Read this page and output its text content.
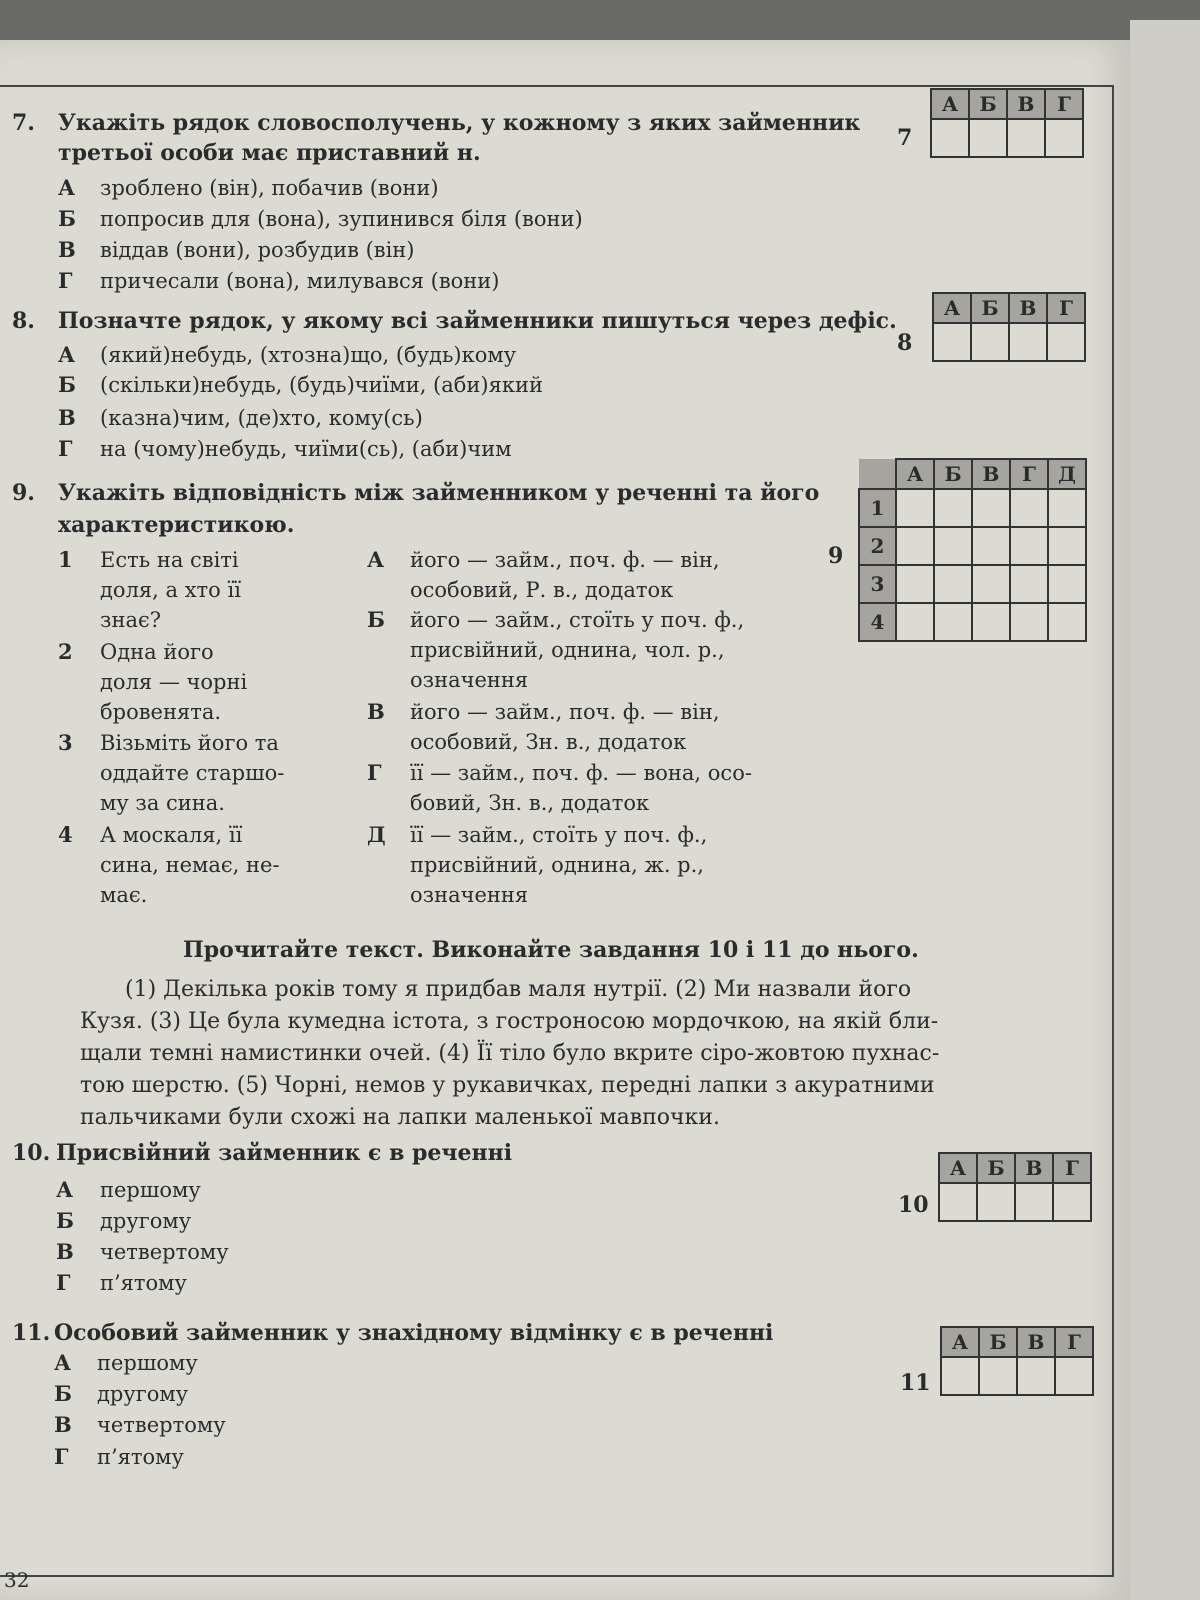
7. Укажіть рядок словосполучень, у кожному з яких займенник
третьої особи має приставний н.
А зроблено (він), побачив (вони)
Б попросив для (вона), зупинився біля (вони)
В віддав (вони), розбудив (він)
Г причесали (вона), милувався (вони)
7
А	Б	В	Г

8. Позначте рядок, у якому всі займенники пишуться через дефіс.
А (який)небудь, (хтозна)що, (будь)кому
Б (скільки)небудь, (будь)чиїми, (аби)який
В (казна)чим, (де)хто, кому(сь)
Г на (чому)небудь, чиїми(сь), (аби)чим
8
А	Б	В	Г

9. Укажіть відповідність між займенником у реченні та його
характеристикою.
1 Есть на світі
доля, а хто її
знає?
2 Одна його
доля — чорні
бровенята.
3 Візьміть його та
оддайте старшо-
му за сина.
4 А москаля, її
сина, немає, не-
має.
А його — займ., поч. ф. — він,
особовий, Р. в., додаток
Б його — займ., стоїть у поч. ф.,
присвійний, однина, чол. р.,
означення
В його — займ., поч. ф. — він,
особовий, Зн. в., додаток
Г її — займ., поч. ф. — вона, осо-
бовий, Зн. в., додаток
Д її — займ., стоїть у поч. ф.,
присвійний, однина, ж. р.,
означення
9
	А	Б	В	Г	Д
1					
2					
3					
4					
Прочитайте текст. Виконайте завдання 10 і 11 до нього.
(1) Декілька років тому я придбав маля нутрії. (2) Ми назвали його
Кузя. (3) Це була кумедна істота, з гостроносою мордочкою, на якій бли-
щали темні намистинки очей. (4) Її тіло було вкрите сіро-жовтою пухнас-
тою шерстю. (5) Чорні, немов у рукавичках, передні лапки з акуратними
пальчиками були схожі на лапки маленької мавпочки.
10. Присвійний займенник є в реченні
А першому
Б другому
В четвертому
Г п’ятому
10
А	Б	В	Г

11. Особовий займенник у знахідному відмінку є в реченні
А першому
Б другому
В четвертому
Г п’ятому
11
А	Б	В	Г

32
